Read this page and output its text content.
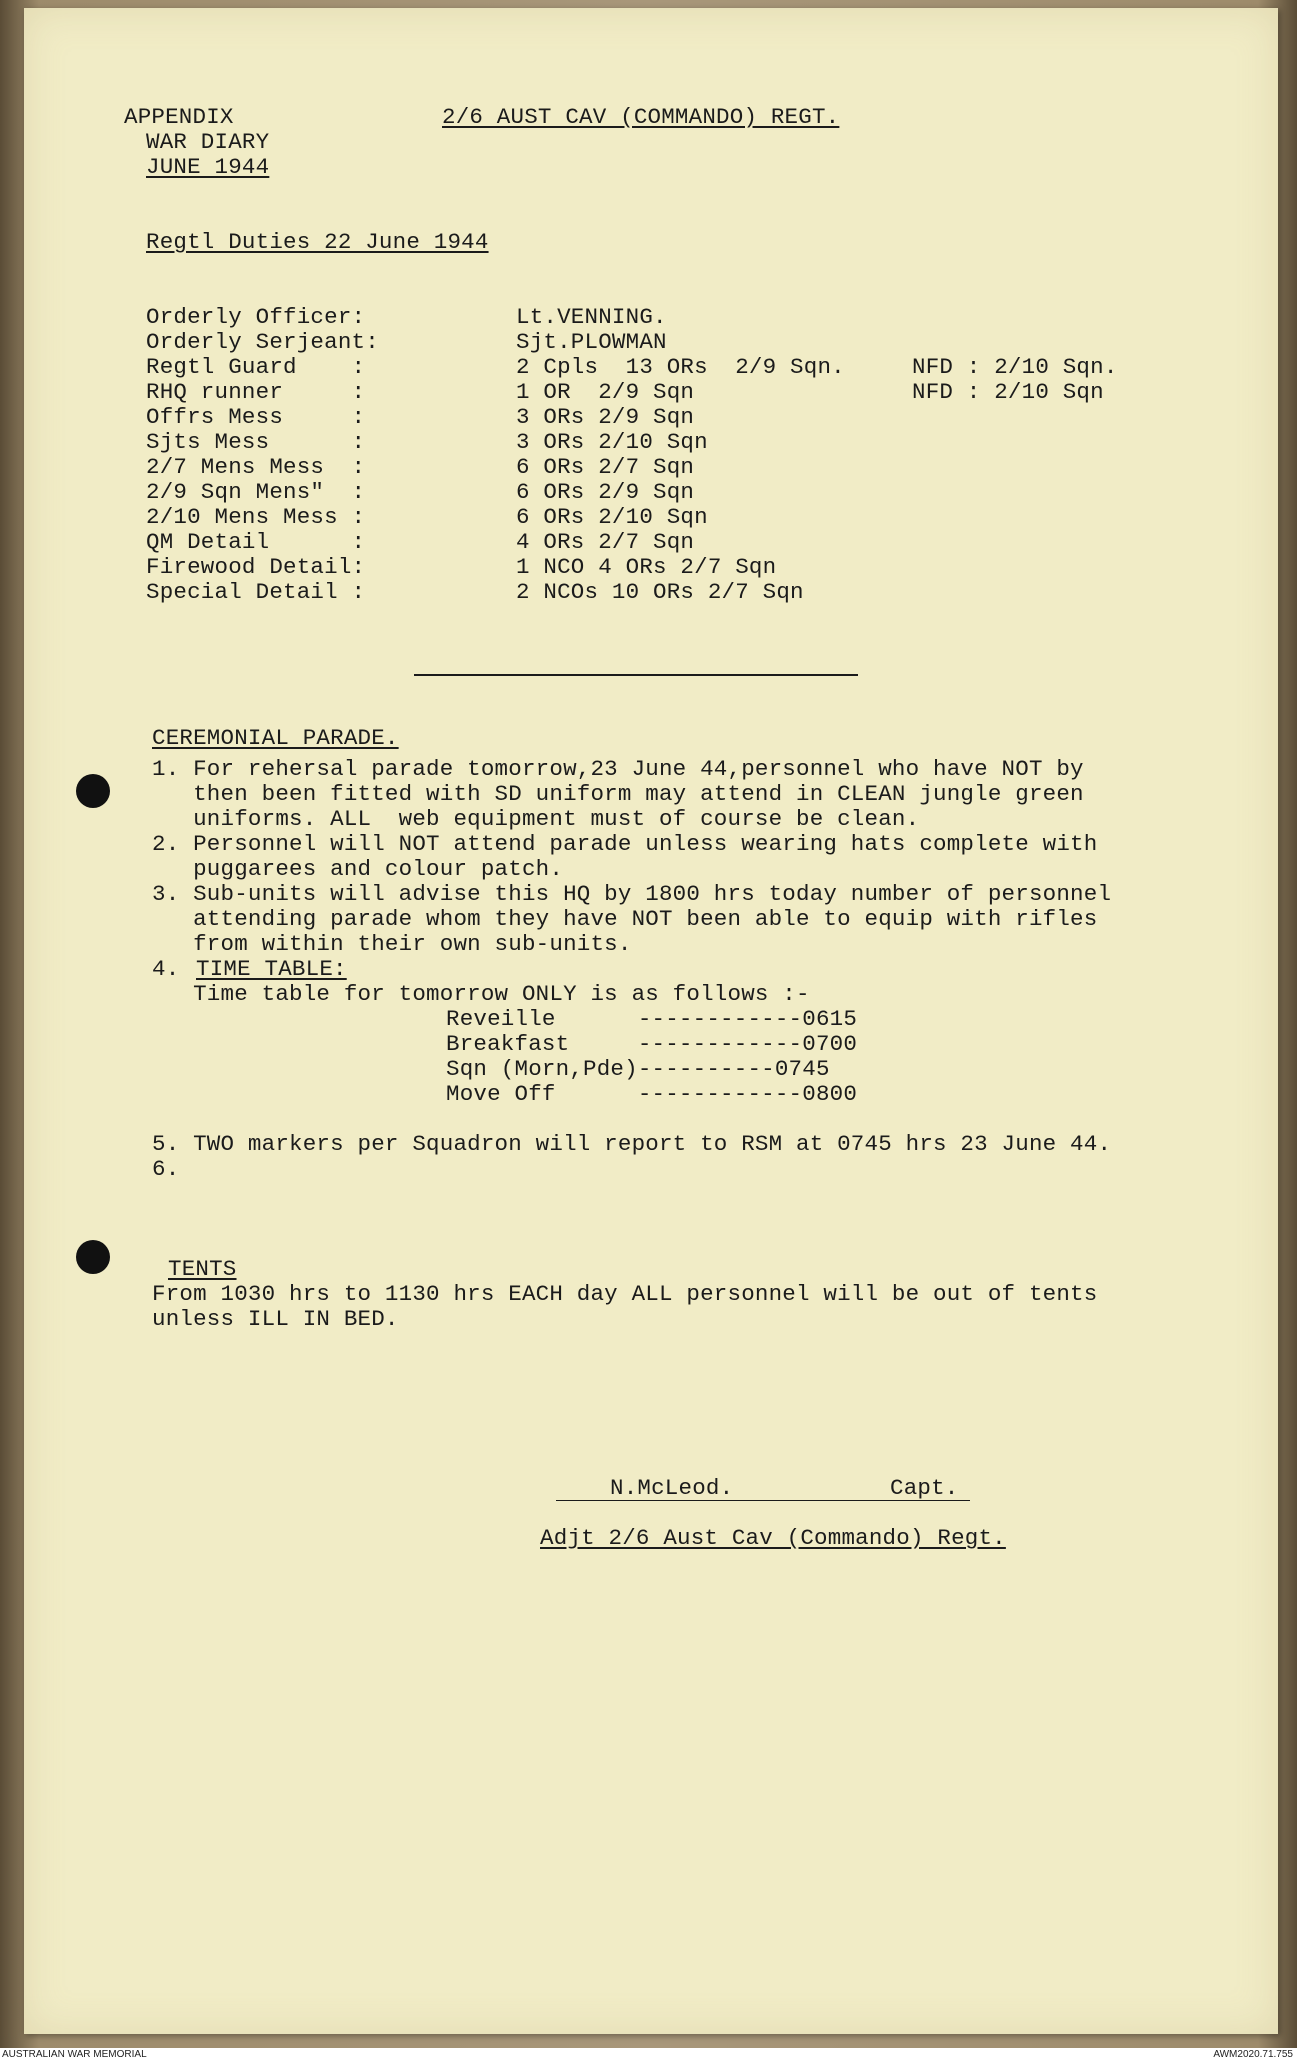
APPENDIX
WAR DIARY
JUNE 1944
2/6 AUST CAV (COMMANDO) REGT.
Regtl Duties 22 June 1944
Orderly Officer:	Lt.VENNING.
Orderly Serjeant:	Sjt.PLOWMAN
Regtl Guard    :	2 Cpls  13 ORs  2/9 Sqn.	NFD : 2/10 Sqn.
RHQ runner     :	1 OR  2/9 Sqn	NFD : 2/10 Sqn
Offrs Mess     :	3 ORs 2/9 Sqn
Sjts Mess      :	3 ORs 2/10 Sqn
2/7 Mens Mess  :	6 ORs 2/7 Sqn
2/9 Sqn Mens"  :	6 ORs 2/9 Sqn
2/10 Mens Mess :	6 ORs 2/10 Sqn
QM Detail      :	4 ORs 2/7 Sqn
Firewood Detail:	1 NCO 4 ORs 2/7 Sqn
Special Detail :	2 NCOs 10 ORs 2/7 Sqn
CEREMONIAL PARADE.
1. For rehersal parade tomorrow,23 June 44,personnel who have NOT by
then been fitted with SD uniform may attend in CLEAN jungle green
uniforms. ALL  web equipment must of course be clean.
2. Personnel will NOT attend parade unless wearing hats complete with
puggarees and colour patch.
3. Sub-units will advise this HQ by 1800 hrs today number of personnel
attending parade whom they have NOT been able to equip with rifles
from within their own sub-units.
4. TIME TABLE:
Time table for tomorrow ONLY is as follows :-
Reveille      ------------0615
Breakfast     ------------0700
Sqn (Morn,Pde)----------0745
Move Off      ------------0800
5. TWO markers per Squadron will report to RSM at 0745 hrs 23 June 44.
6.
TENTS
From 1030 hrs to 1130 hrs EACH day ALL personnel will be out of tents
unless ILL IN BED.
N.McLeod.	Capt.
Adjt 2/6 Aust Cav (Commando) Regt.
AUSTRALIAN WAR MEMORIAL	AWM2020.71.755
